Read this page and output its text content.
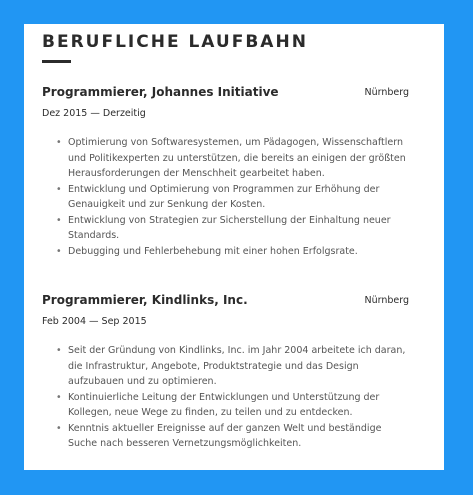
BERUFLICHE LAUFBAHN
Programmierer, Johannes Initiative	Nürnberg
Dez 2015 — Derzeitig
• Optimierung von Softwaresystemen, um Pädagogen, Wissenschaftlern und Politikexperten zu unterstützen, die bereits an einigen der größten Herausforderungen der Menschheit gearbeitet haben.
• Entwicklung und Optimierung von Programmen zur Erhöhung der Genauigkeit und zur Senkung der Kosten.
• Entwicklung von Strategien zur Sicherstellung der Einhaltung neuer Standards.
• Debugging und Fehlerbehebung mit einer hohen Erfolgsrate.
Programmierer, Kindlinks, Inc.	Nürnberg
Feb 2004 — Sep 2015
• Seit der Gründung von Kindlinks, Inc. im Jahr 2004 arbeitete ich daran, die Infrastruktur, Angebote, Produktstrategie und das Design aufzubauen und zu optimieren.
• Kontinuierliche Leitung der Entwicklungen und Unterstützung der Kollegen, neue Wege zu finden, zu teilen und zu entdecken.
• Kenntnis aktueller Ereignisse auf der ganzen Welt und beständige Suche nach besseren Vernetzungsmöglichkeiten.
